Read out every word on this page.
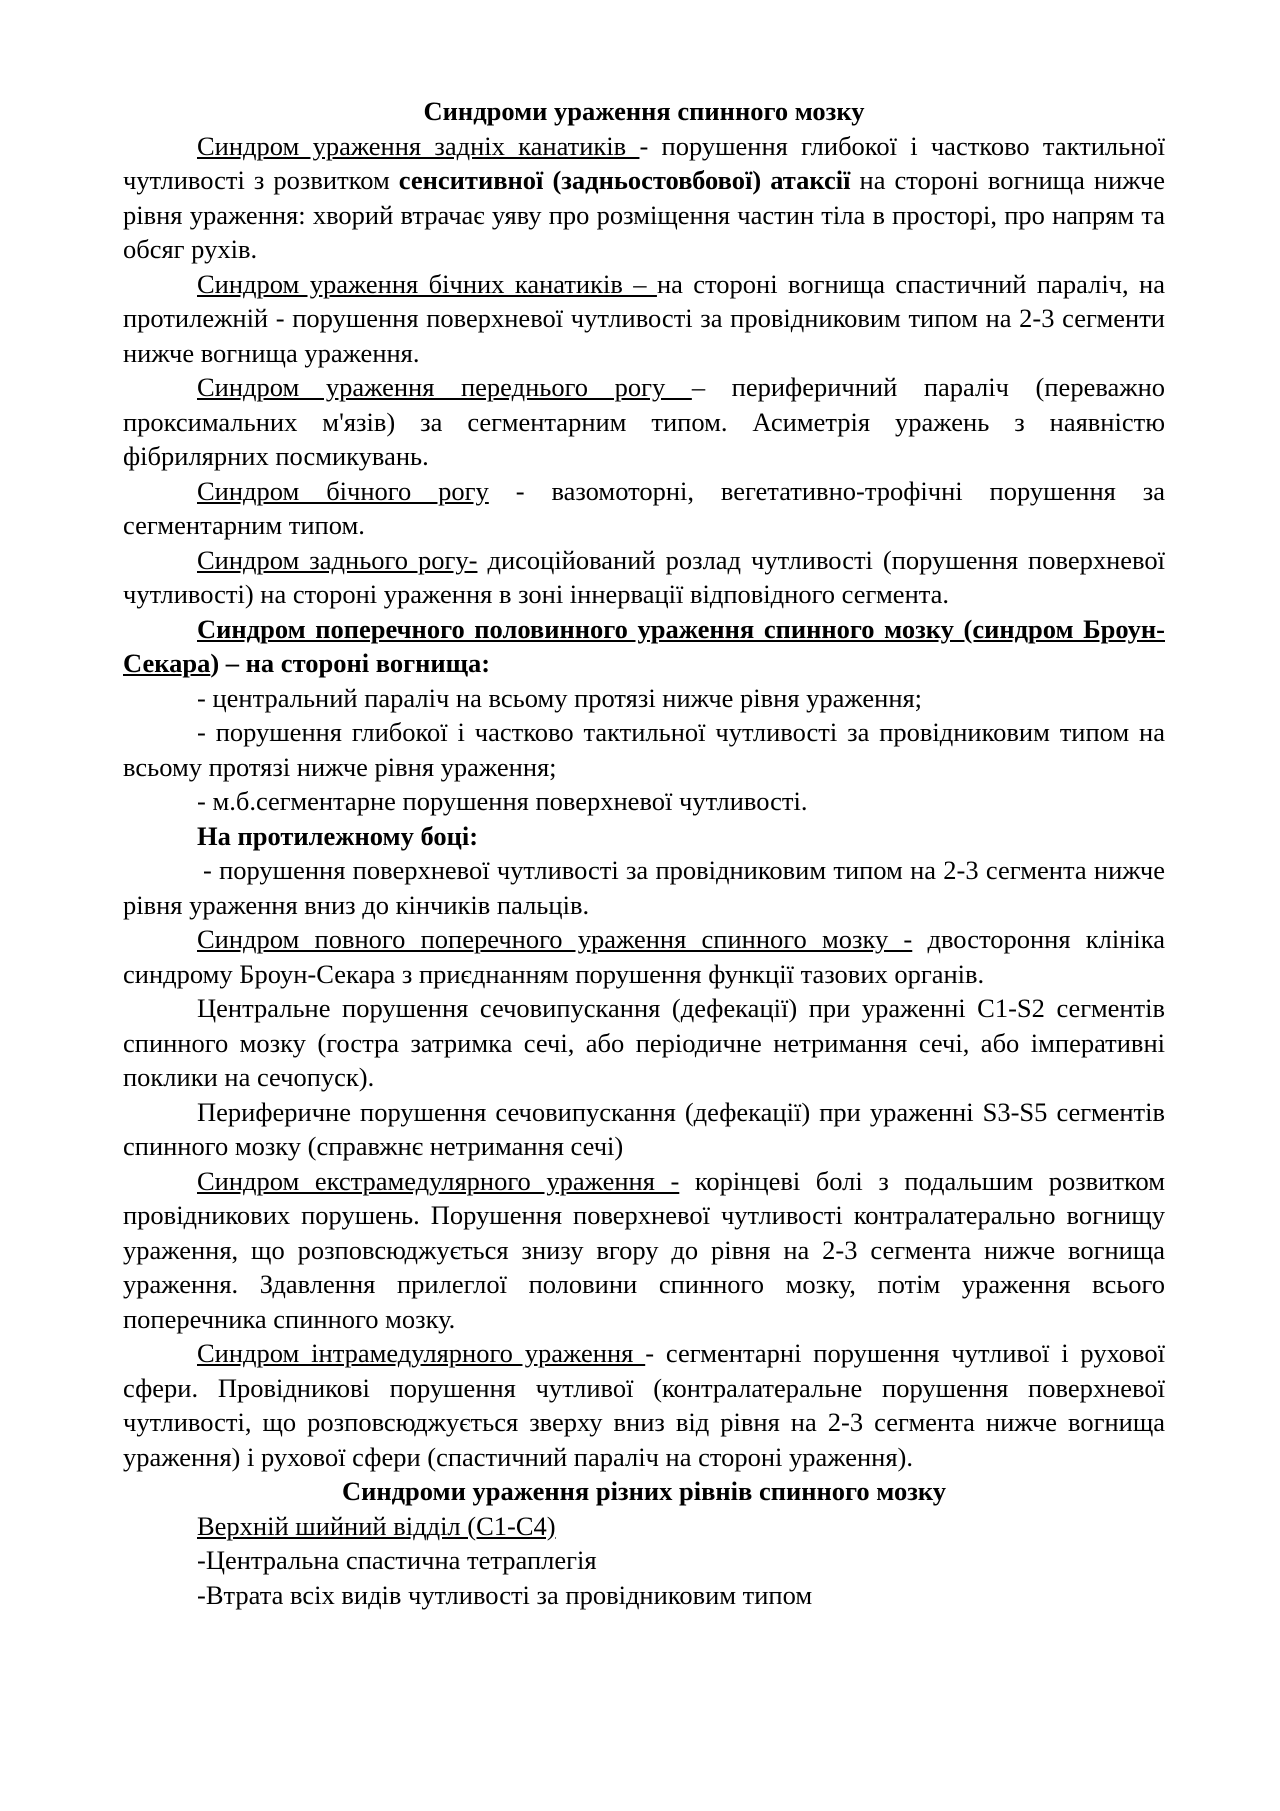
Синдроми ураження спинного мозку

Синдром ураження задніх канатиків - порушення глибокої і частково тактильної чутливості з розвитком сенситивної (задньостовбової) атаксії на стороні вогнища нижче рівня ураження: хворий втрачає уяву про розміщення частин тіла в просторі, про напрям та обсяг рухів.

Синдром ураження бічних канатиків – на стороні вогнища спастичний параліч, на протилежній - порушення поверхневої чутливості за провідниковим типом на 2-3 сегменти нижче вогнища ураження.

Синдром ураження переднього рогу – периферичний параліч (переважно проксимальних м'язів) за сегментарним типом. Асиметрія уражень з наявністю фібрилярних посмикувань.

Синдром бічного рогу - вазомоторні, вегетативно-трофічні порушення за сегментарним типом.

Синдром заднього рогу- дисоційований розлад чутливості (порушення поверхневої чутливості) на стороні ураження в зоні іннервації відповідного сегмента.

Синдром поперечного половинного ураження спинного мозку (синдром Броун-Секара) – на стороні вогнища:

- центральний параліч на всьому протязі нижче рівня ураження;

- порушення глибокої і частково тактильної чутливості за провідниковим типом на всьому протязі нижче рівня ураження;

- м.б.сегментарне порушення поверхневої чутливості.

На протилежному боці:

- порушення поверхневої чутливості за провідниковим типом на 2-3 сегмента нижче рівня ураження вниз до кінчиків пальців.

Синдром повного поперечного ураження спинного мозку - двостороння клініка синдрому Броун-Секара з приєднанням порушення функції тазових органів.

Центральне порушення сечовипускання (дефекації) при ураженні С1-S2 сегментів спинного мозку (гостра затримка сечі, або періодичне нетримання сечі, або імперативні поклики на сечопуск).

Периферичне порушення сечовипускання (дефекації) при ураженні S3-S5 сегментів спинного мозку (справжнє нетримання сечі)

Синдром екстрамедулярного ураження - корінцеві болі з подальшим розвитком провідникових порушень. Порушення поверхневої чутливості контралатерально вогнищу ураження, що розповсюджується знизу вгору до рівня на 2-3 сегмента нижче вогнища ураження. Здавлення прилеглої половини спинного мозку, потім ураження всього поперечника спинного мозку.

Синдром інтрамедулярного ураження - сегментарні порушення чутливої і рухової сфери. Провідникові порушення чутливої (контралатеральне порушення поверхневої чутливості, що розповсюджується зверху вниз від рівня на 2-3 сегмента нижче вогнища ураження) і рухової сфери (спастичний параліч на стороні ураження).

Синдроми ураження різних рівнів спинного мозку

Верхній шийний відділ (С1-С4)

-Центральна спастична тетраплегія

-Втрата всіх видів чутливості за провідниковим типом
